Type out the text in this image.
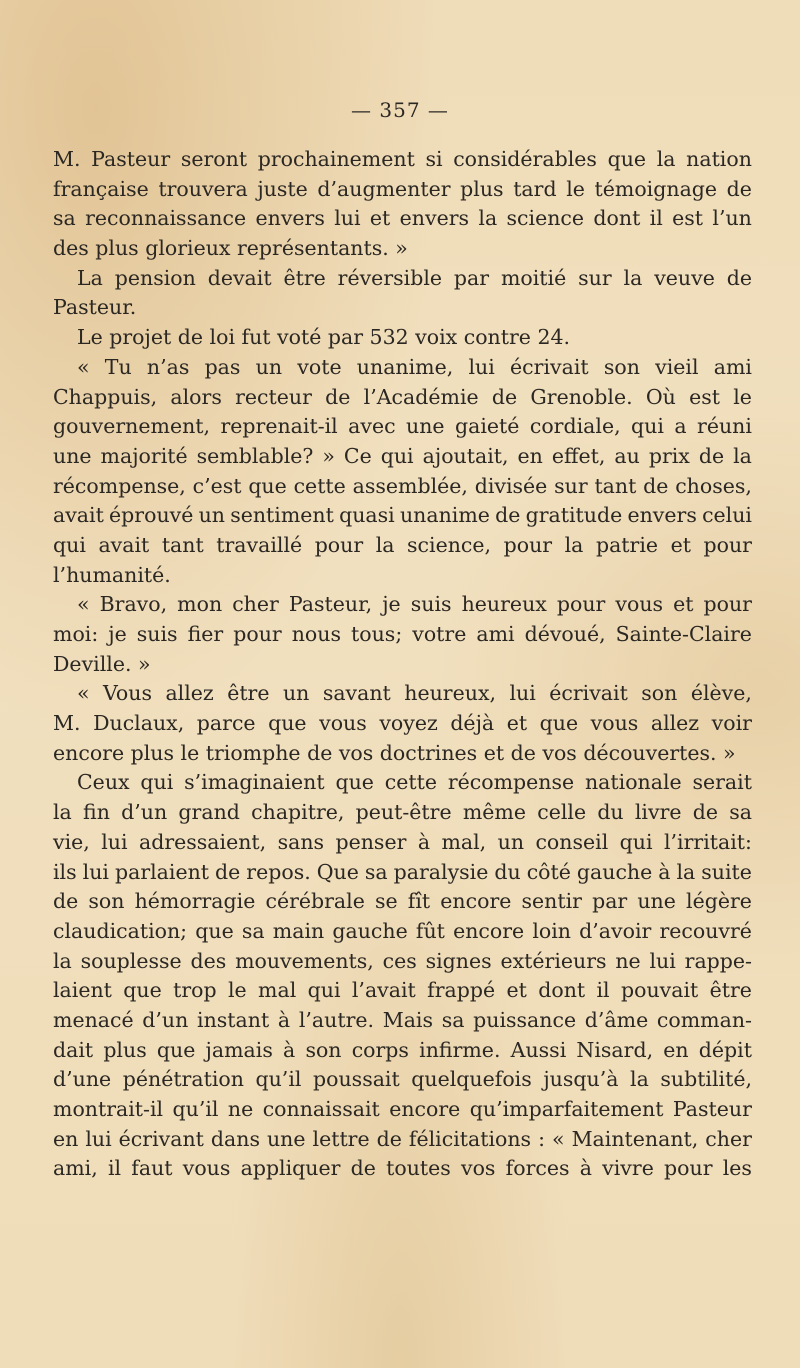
— 357 —
M. Pasteur seront prochainement si considérables que la nation
française trouvera juste d’augmenter plus tard le témoignage de
sa reconnaissance envers lui et envers la science dont il est l’un
des plus glorieux représentants. »
La pension devait être réversible par moitié sur la veuve de
Pasteur.
Le projet de loi fut voté par 532 voix contre 24.
« Tu n’as pas un vote unanime, lui écrivait son vieil ami
Chappuis, alors recteur de l’Académie de Grenoble. Où est le
gouvernement, reprenait-il avec une gaieté cordiale, qui a réuni
une majorité semblable? » Ce qui ajoutait, en effet, au prix de la
récompense, c’est que cette assemblée, divisée sur tant de choses,
avait éprouvé un sentiment quasi unanime de gratitude envers celui
qui avait tant travaillé pour la science, pour la patrie et pour
l’humanité.
« Bravo, mon cher Pasteur, je suis heureux pour vous et pour
moi: je suis fier pour nous tous; votre ami dévoué, Sainte-Claire
Deville. »
« Vous allez être un savant heureux, lui écrivait son élève,
M. Duclaux, parce que vous voyez déjà et que vous allez voir
encore plus le triomphe de vos doctrines et de vos découvertes. »
Ceux qui s’imaginaient que cette récompense nationale serait
la fin d’un grand chapitre, peut-être même celle du livre de sa
vie, lui adressaient, sans penser à mal, un conseil qui l’irritait:
ils lui parlaient de repos. Que sa paralysie du côté gauche à la suite
de son hémorragie cérébrale se fît encore sentir par une légère
claudication; que sa main gauche fût encore loin d’avoir recouvré
la souplesse des mouvements, ces signes extérieurs ne lui rappe-
laient que trop le mal qui l’avait frappé et dont il pouvait être
menacé d’un instant à l’autre. Mais sa puissance d’âme comman-
dait plus que jamais à son corps infirme. Aussi Nisard, en dépit
d’une pénétration qu’il poussait quelquefois jusqu’à la subtilité,
montrait-il qu’il ne connaissait encore qu’imparfaitement Pasteur
en lui écrivant dans une lettre de félicitations : « Maintenant, cher
ami, il faut vous appliquer de toutes vos forces à vivre pour les
